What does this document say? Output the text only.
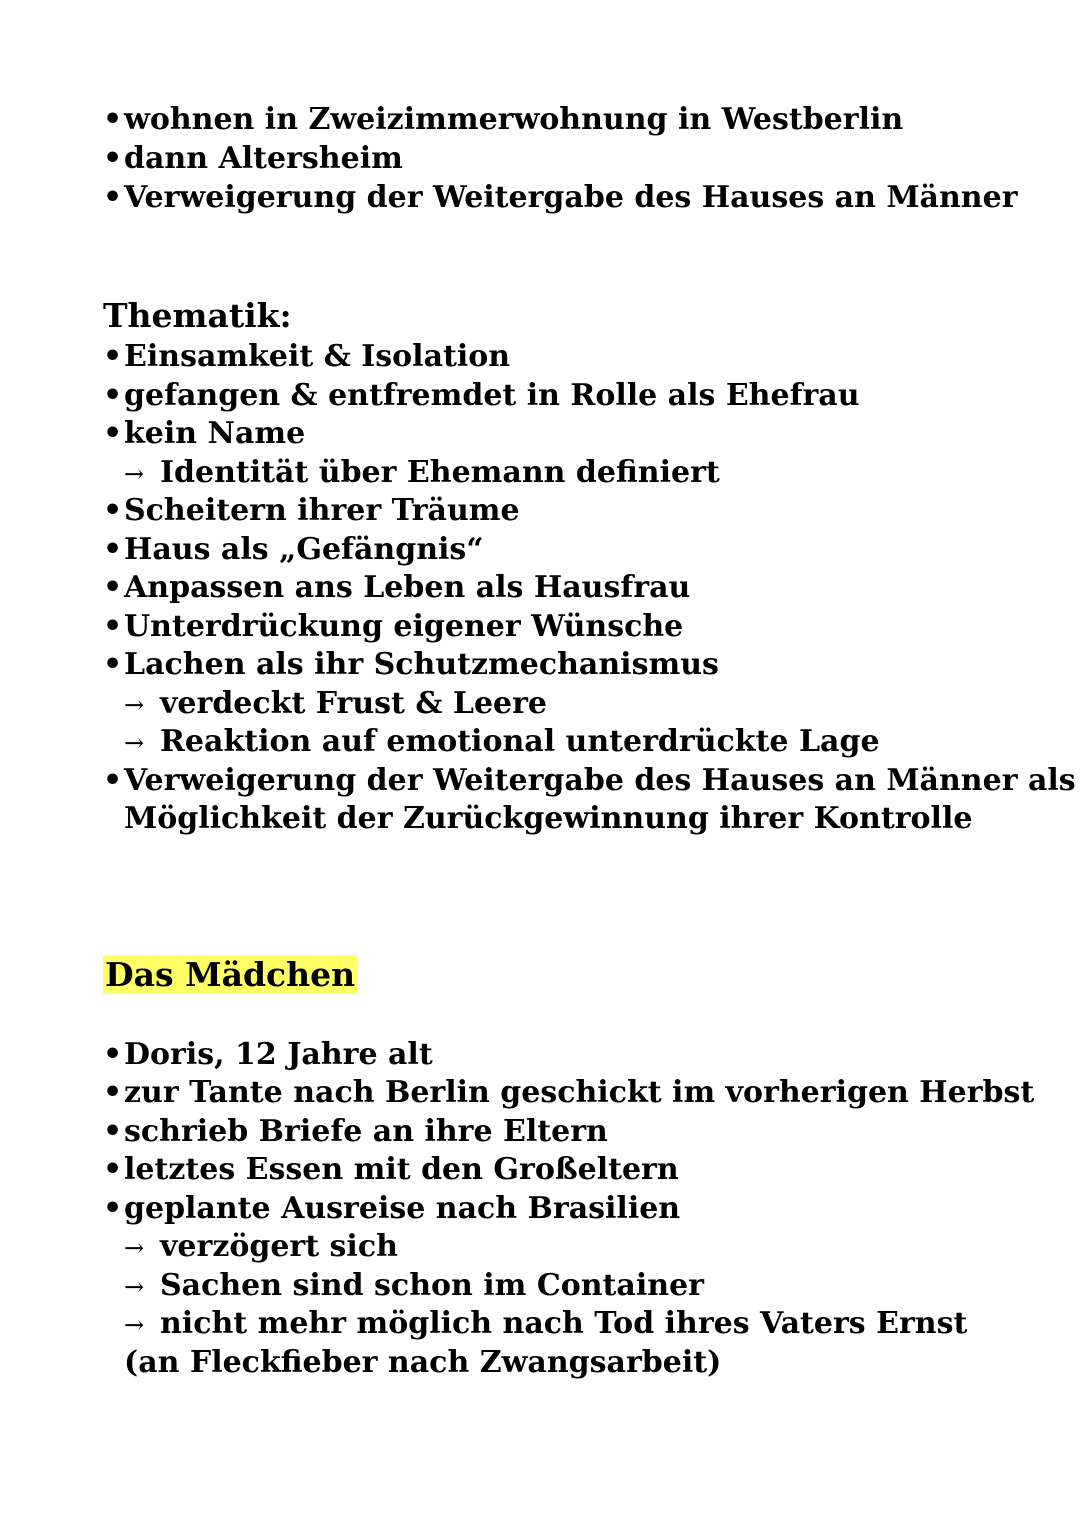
• wohnen in Zweizimmerwohnung in Westberlin
• dann Altersheim
• Verweigerung der Weitergabe des Hauses an Männer
Thematik:
• Einsamkeit & Isolation
• gefangen & entfremdet in Rolle als Ehefrau
• kein Name
→ Identität über Ehemann definiert
• Scheitern ihrer Träume
• Haus als „Gefängnis“
• Anpassen ans Leben als Hausfrau
• Unterdrückung eigener Wünsche
• Lachen als ihr Schutzmechanismus
→ verdeckt Frust & Leere
→ Reaktion auf emotional unterdrückte Lage
• Verweigerung der Weitergabe des Hauses an Männer als
Möglichkeit der Zurückgewinnung ihrer Kontrolle
Das Mädchen
• Doris, 12 Jahre alt
• zur Tante nach Berlin geschickt im vorherigen Herbst
• schrieb Briefe an ihre Eltern
• letztes Essen mit den Großeltern
• geplante Ausreise nach Brasilien
→ verzögert sich
→ Sachen sind schon im Container
→ nicht mehr möglich nach Tod ihres Vaters Ernst
(an Fleckfieber nach Zwangsarbeit)
